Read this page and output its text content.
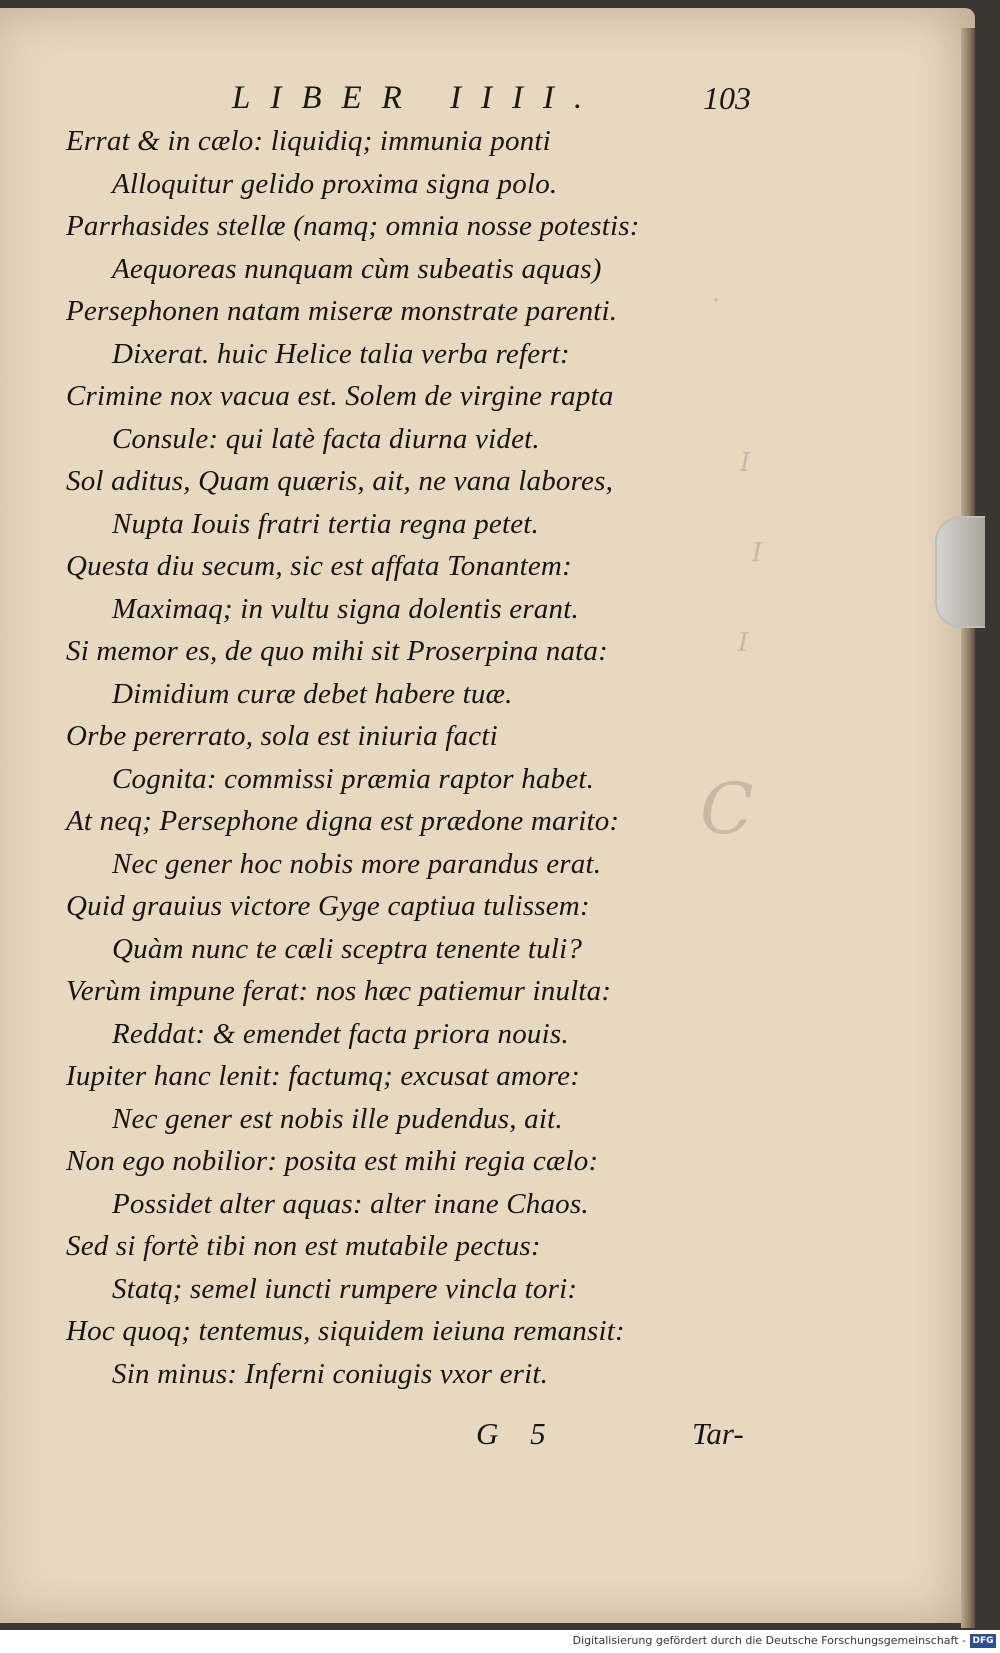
.
I
I
I
C
LIBER IIII.	103
Errat & in cælo: liquidiq; immunia ponti
Alloquitur gelido proxima signa polo.
Parrhasides stellæ (namq; omnia nosse potestis:
Aequoreas nunquam cùm subeatis aquas)
Persephonen natam miseræ monstrate parenti.
Dixerat. huic Helice talia verba refert:
Crimine nox vacua est. Solem de virgine rapta
Consule: qui latè facta diurna videt.
Sol aditus, Quam quæris, ait, ne vana labores,
Nupta Iouis fratri tertia regna petet.
Questa diu secum, sic est affata Tonantem:
Maximaq; in vultu signa dolentis erant.
Si memor es, de quo mihi sit Proserpina nata:
Dimidium curæ debet habere tuæ.
Orbe pererrato, sola est iniuria facti
Cognita: commissi præmia raptor habet.
At neq; Persephone digna est prædone marito:
Nec gener hoc nobis more parandus erat.
Quid grauius victore Gyge captiua tulissem:
Quàm nunc te cæli sceptra tenente tuli?
Verùm impune ferat: nos hæc patiemur inulta:
Reddat: & emendet facta priora nouis.
Iupiter hanc lenit: factumq; excusat amore:
Nec gener est nobis ille pudendus, ait.
Non ego nobilior: posita est mihi regia cælo:
Possidet alter aquas: alter inane Chaos.
Sed si fortè tibi non est mutabile pectus:
Statq; semel iuncti rumpere vincla tori:
Hoc quoq; tentemus, siquidem ieiuna remansit:
Sin minus: Inferni coniugis vxor erit.
G 5	Tar-
Digitalisierung gefördert durch die Deutsche Forschungsgemeinschaft - DFG
